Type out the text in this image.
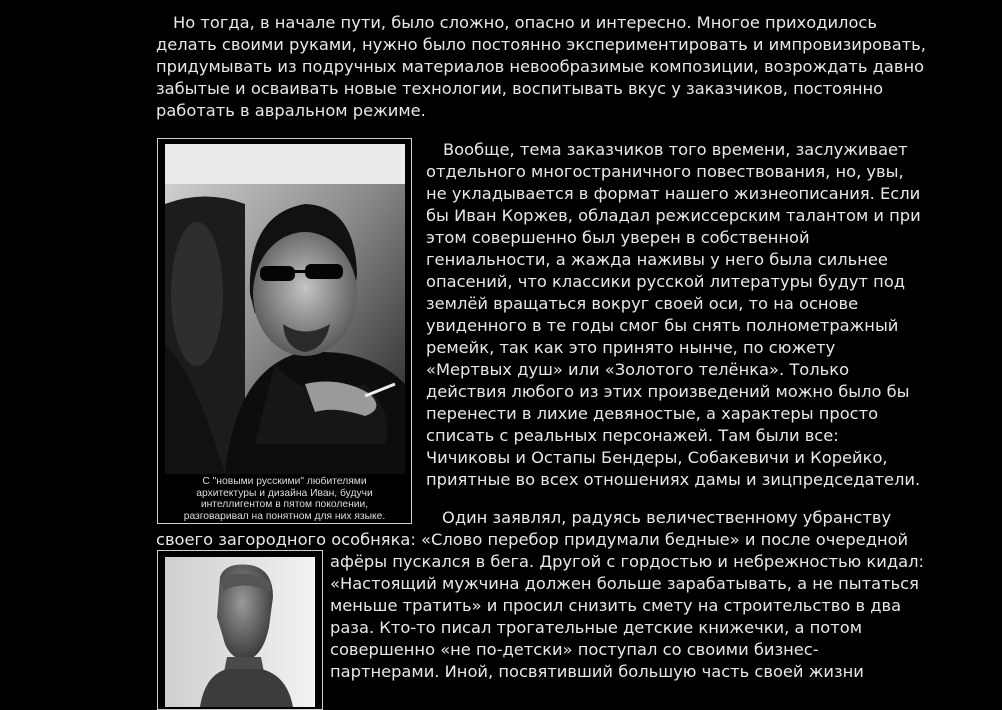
Но тогда, в начале пути, было сложно, опасно и интересно. Многое приходилось
делать своими руками, нужно было постоянно экспериментировать и импровизировать,
придумывать из подручных материалов невообразимые композиции, возрождать давно
забытые и осваивать новые технологии, воспитывать вкус у заказчиков, постоянно
работать в авральном режиме.
С "новыми русскими" любителями
архитектуры и дизайна Иван, будучи
интеллигентом в пятом поколении,
разговаривал на понятном для них языке.
Вообще, тема заказчиков того времени, заслуживает
отдельного многостраничного повествования, но, увы,
не укладывается в формат нашего жизнеописания. Если
бы Иван Коржев, обладал режиссерским талантом и при
этом совершенно был уверен в собственной
гениальности, а жажда наживы у него была сильнее
опасений, что классики русской литературы будут под
землёй вращаться вокруг своей оси, то на основе
увиденного в те годы смог бы снять полнометражный
ремейк, так как это принято нынче, по сюжету
«Мертвых душ» или «Золотого телёнка». Только
действия любого из этих произведений можно было бы
перенести в лихие девяностые, а характеры просто
списать с реальных персонажей. Там были все:
Чичиковы и Остапы Бендеры, Собакевичи и Корейко,
приятные во всех отношениях дамы и зицпредседатели.
Один заявлял, радуясь величественному убранству
своего загородного особняка: «Слово перебор придумали бедные» и после очередной
афёры пускался в бега. Другой с гордостью и небрежностью кидал:
«Настоящий мужчина должен больше зарабатывать, а не пытаться
меньше тратить» и просил снизить смету на строительство в два
раза. Кто-то писал трогательные детские книжечки, а потом
совершенно «не по-детски» поступал со своими бизнес-
партнерами. Иной, посвятивший большую часть своей жизни
